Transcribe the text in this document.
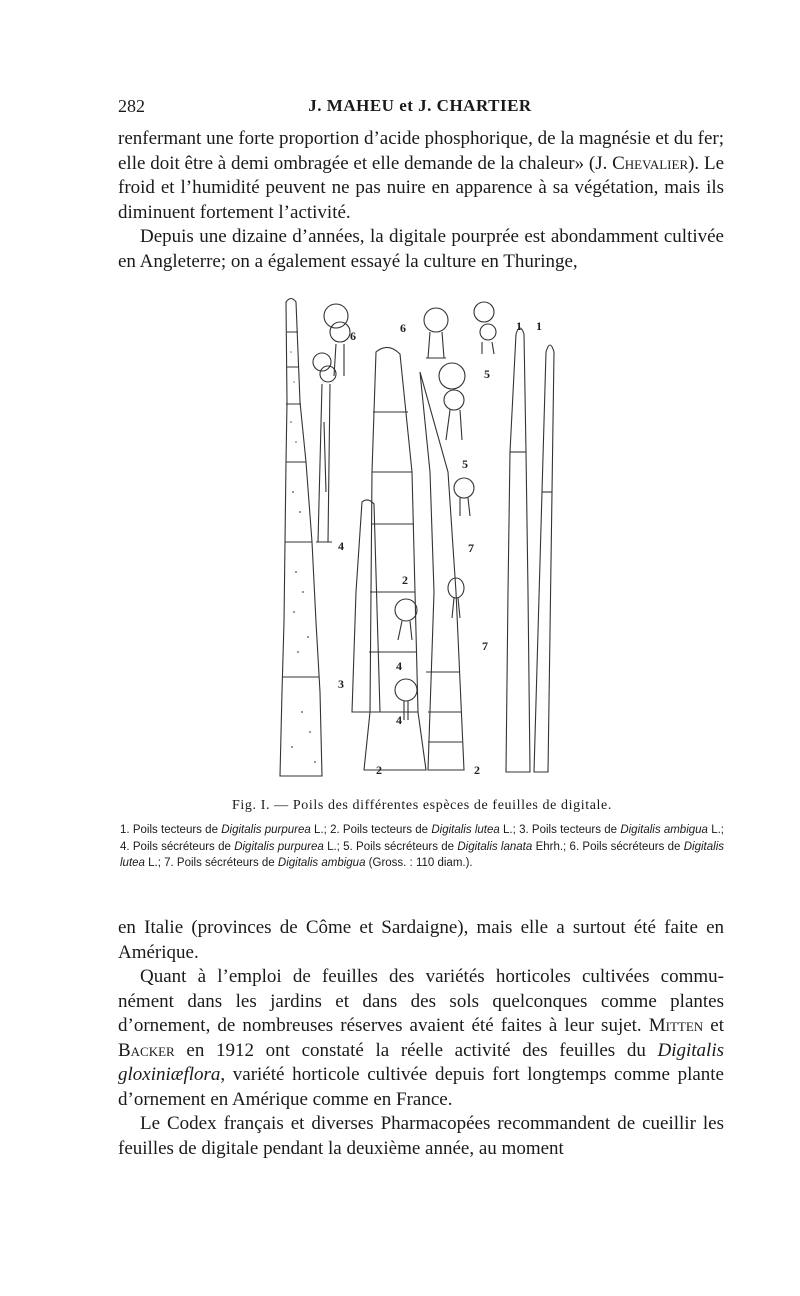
282	J. MAHEU et J. CHARTIER

renfermant une forte proportion d’acide phosphorique, de la magnésie et du fer; elle doit être à demi ombragée et elle demande de la chaleur» (J. Chevalier). Le froid et l’humidité peuvent ne pas nuire en apparence à sa végétation, mais ils diminuent fortement l’activité.

Depuis une dizaine d’années, la digitale pourprée est abondamment cultivée en Angleterre; on a également essayé la culture en Thuringe,

6
6	1 1
5
5
7
7
4
4
4
2
2	2
3
Fig. I. — Poils des différentes espèces de feuilles de digitale.

1. Poils tecteurs de Digitalis purpurea L.; 2. Poils tecteurs de Digitalis lutea L.; 3. Poils tecteurs de Digitalis ambigua L.; 4. Poils sécréteurs de Digitalis purpurea L.; 5. Poils sécréteurs de Digitalis lanata Ehrh.; 6. Poils sécréteurs de Digitalis lutea L.; 7. Poils sécréteurs de Digitalis ambigua (Gross. : 110 diam.).

en Italie (provinces de Côme et Sardaigne), mais elle a surtout été faite en Amérique.

Quant à l’emploi de feuilles des variétés horticoles cultivées commu- nément dans les jardins et dans des sols quelconques comme plantes d’ornement, de nombreuses réserves avaient été faites à leur sujet. Mitten et Backer en 1912 ont constaté la réelle activité des feuilles du Digitalis gloxiniæflora, variété horticole cultivée depuis fort longtemps comme plante d’ornement en Amérique comme en France.

Le Codex français et diverses Pharmacopées recommandent de cueillir les feuilles de digitale pendant la deuxième année, au moment
